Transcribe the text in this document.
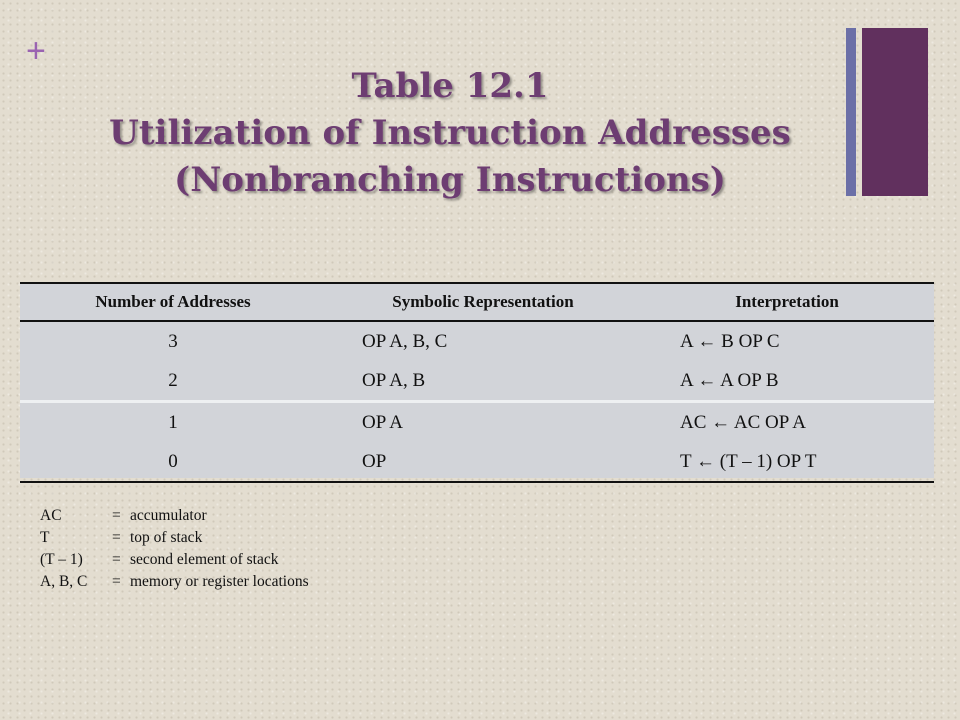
+
Table 12.1
Utilization of Instruction Addresses
(Nonbranching Instructions)
Number of Addresses	Symbolic Representation	Interpretation
3	OP A, B, C	A ← B OP C
2	OP A, B	A ← A OP B
1	OP A	AC ← AC OP A
0	OP	T ← (T – 1) OP T
AC	= accumulator
T	= top of stack
(T – 1)	= second element of stack
A, B, C	= memory or register locations
